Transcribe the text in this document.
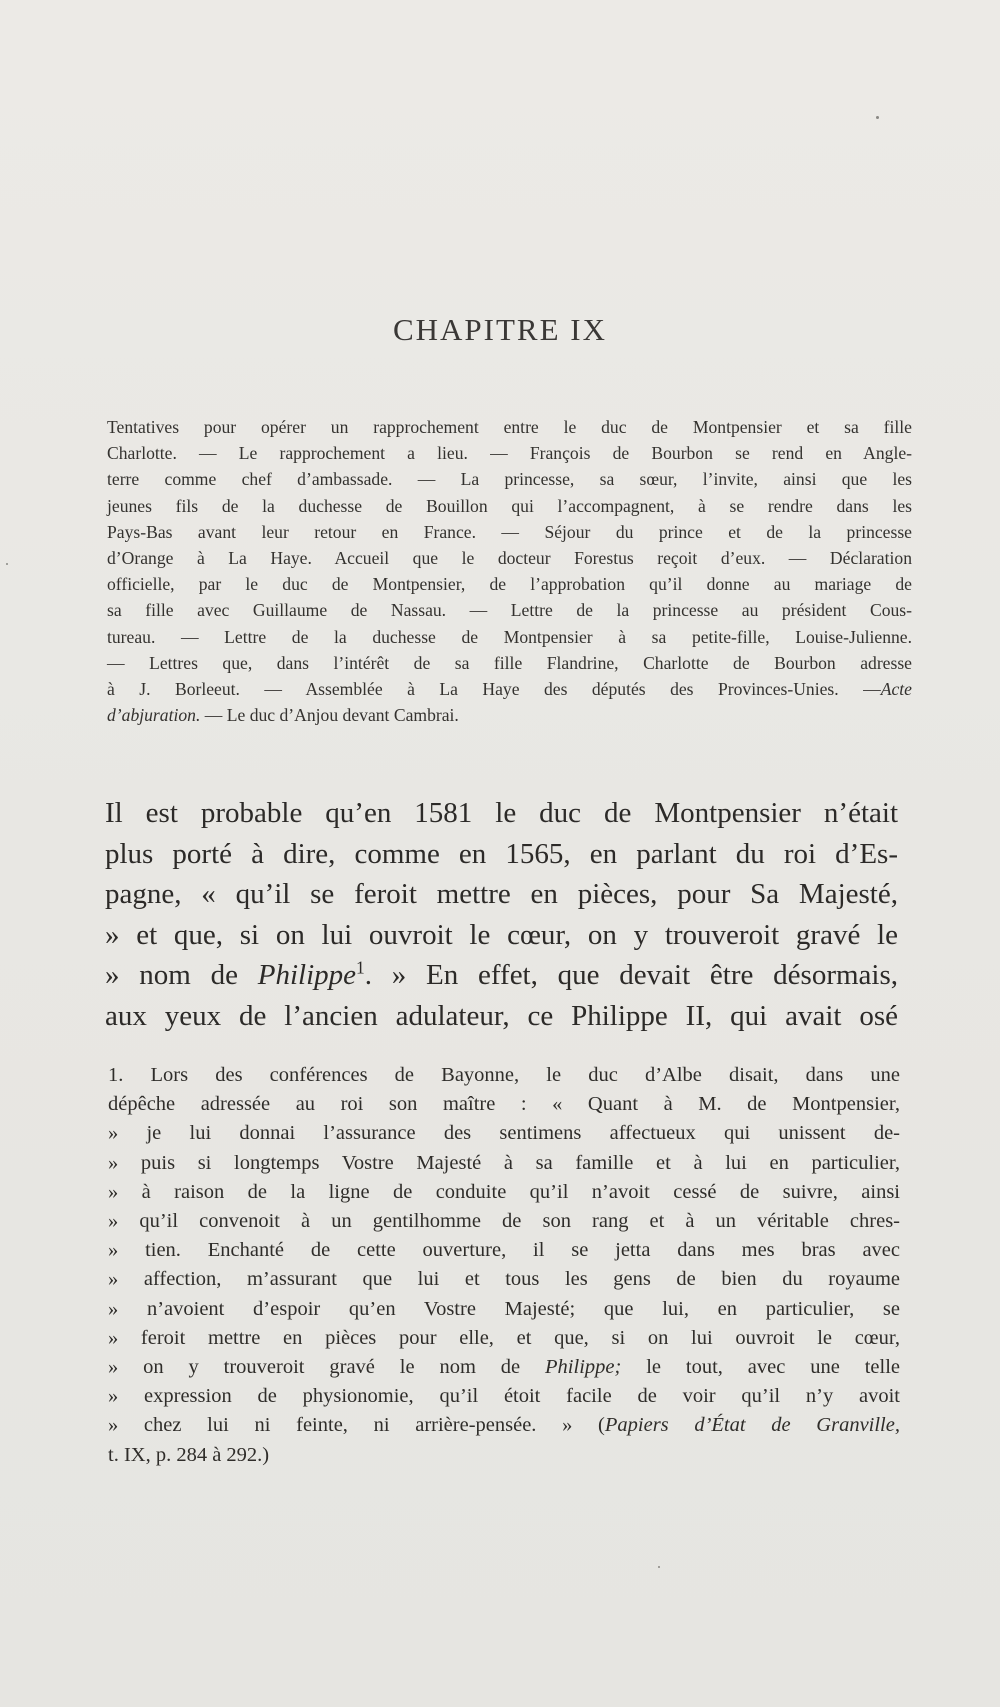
CHAPITRE IX

Tentatives pour opérer un rapprochement entre le duc de Montpensier et sa fille
Charlotte. — Le rapprochement a lieu. — François de Bourbon se rend en Angle-
terre comme chef d’ambassade. — La princesse, sa sœur, l’invite, ainsi que les
jeunes fils de la duchesse de Bouillon qui l’accompagnent, à se rendre dans les
Pays-Bas avant leur retour en France. — Séjour du prince et de la princesse
d’Orange à La Haye. Accueil que le docteur Forestus reçoit d’eux. — Déclaration
officielle, par le duc de Montpensier, de l’approbation qu’il donne au mariage de
sa fille avec Guillaume de Nassau. — Lettre de la princesse au président Cous-
tureau. — Lettre de la duchesse de Montpensier à sa petite-fille, Louise-Julienne.
— Lettres que, dans l’intérêt de sa fille Flandrine, Charlotte de Bourbon adresse
à J. Borleeut. — Assemblée à La Haye des députés des Provinces-Unies. —Acte
d’abjuration. — Le duc d’Anjou devant Cambrai.

Il est probable qu’en 1581 le duc de Montpensier n’était
plus porté à dire, comme en 1565, en parlant du roi d’Es-
pagne, « qu’il se feroit mettre en pièces, pour Sa Majesté,
» et que, si on lui ouvroit le cœur, on y trouveroit gravé le
» nom de Philippe$^1$. » En effet, que devait être désormais,
aux yeux de l’ancien adulateur, ce Philippe II, qui avait osé

1. Lors des conférences de Bayonne, le duc d’Albe disait, dans une
dépêche adressée au roi son maître : « Quant à M. de Montpensier,
» je lui donnai l’assurance des sentimens affectueux qui unissent de-
» puis si longtemps Vostre Majesté à sa famille et à lui en particulier,
» à raison de la ligne de conduite qu’il n’avoit cessé de suivre, ainsi
» qu’il convenoit à un gentilhomme de son rang et à un véritable chres-
» tien. Enchanté de cette ouverture, il se jetta dans mes bras avec
» affection, m’assurant que lui et tous les gens de bien du royaume
» n’avoient d’espoir qu’en Vostre Majesté; que lui, en particulier, se
» feroit mettre en pièces pour elle, et que, si on lui ouvroit le cœur,
» on y trouveroit gravé le nom de Philippe; le tout, avec une telle
» expression de physionomie, qu’il étoit facile de voir qu’il n’y avoit
» chez lui ni feinte, ni arrière-pensée. » (Papiers d’État de Granville,
t. IX, p. 284 à 292.)
